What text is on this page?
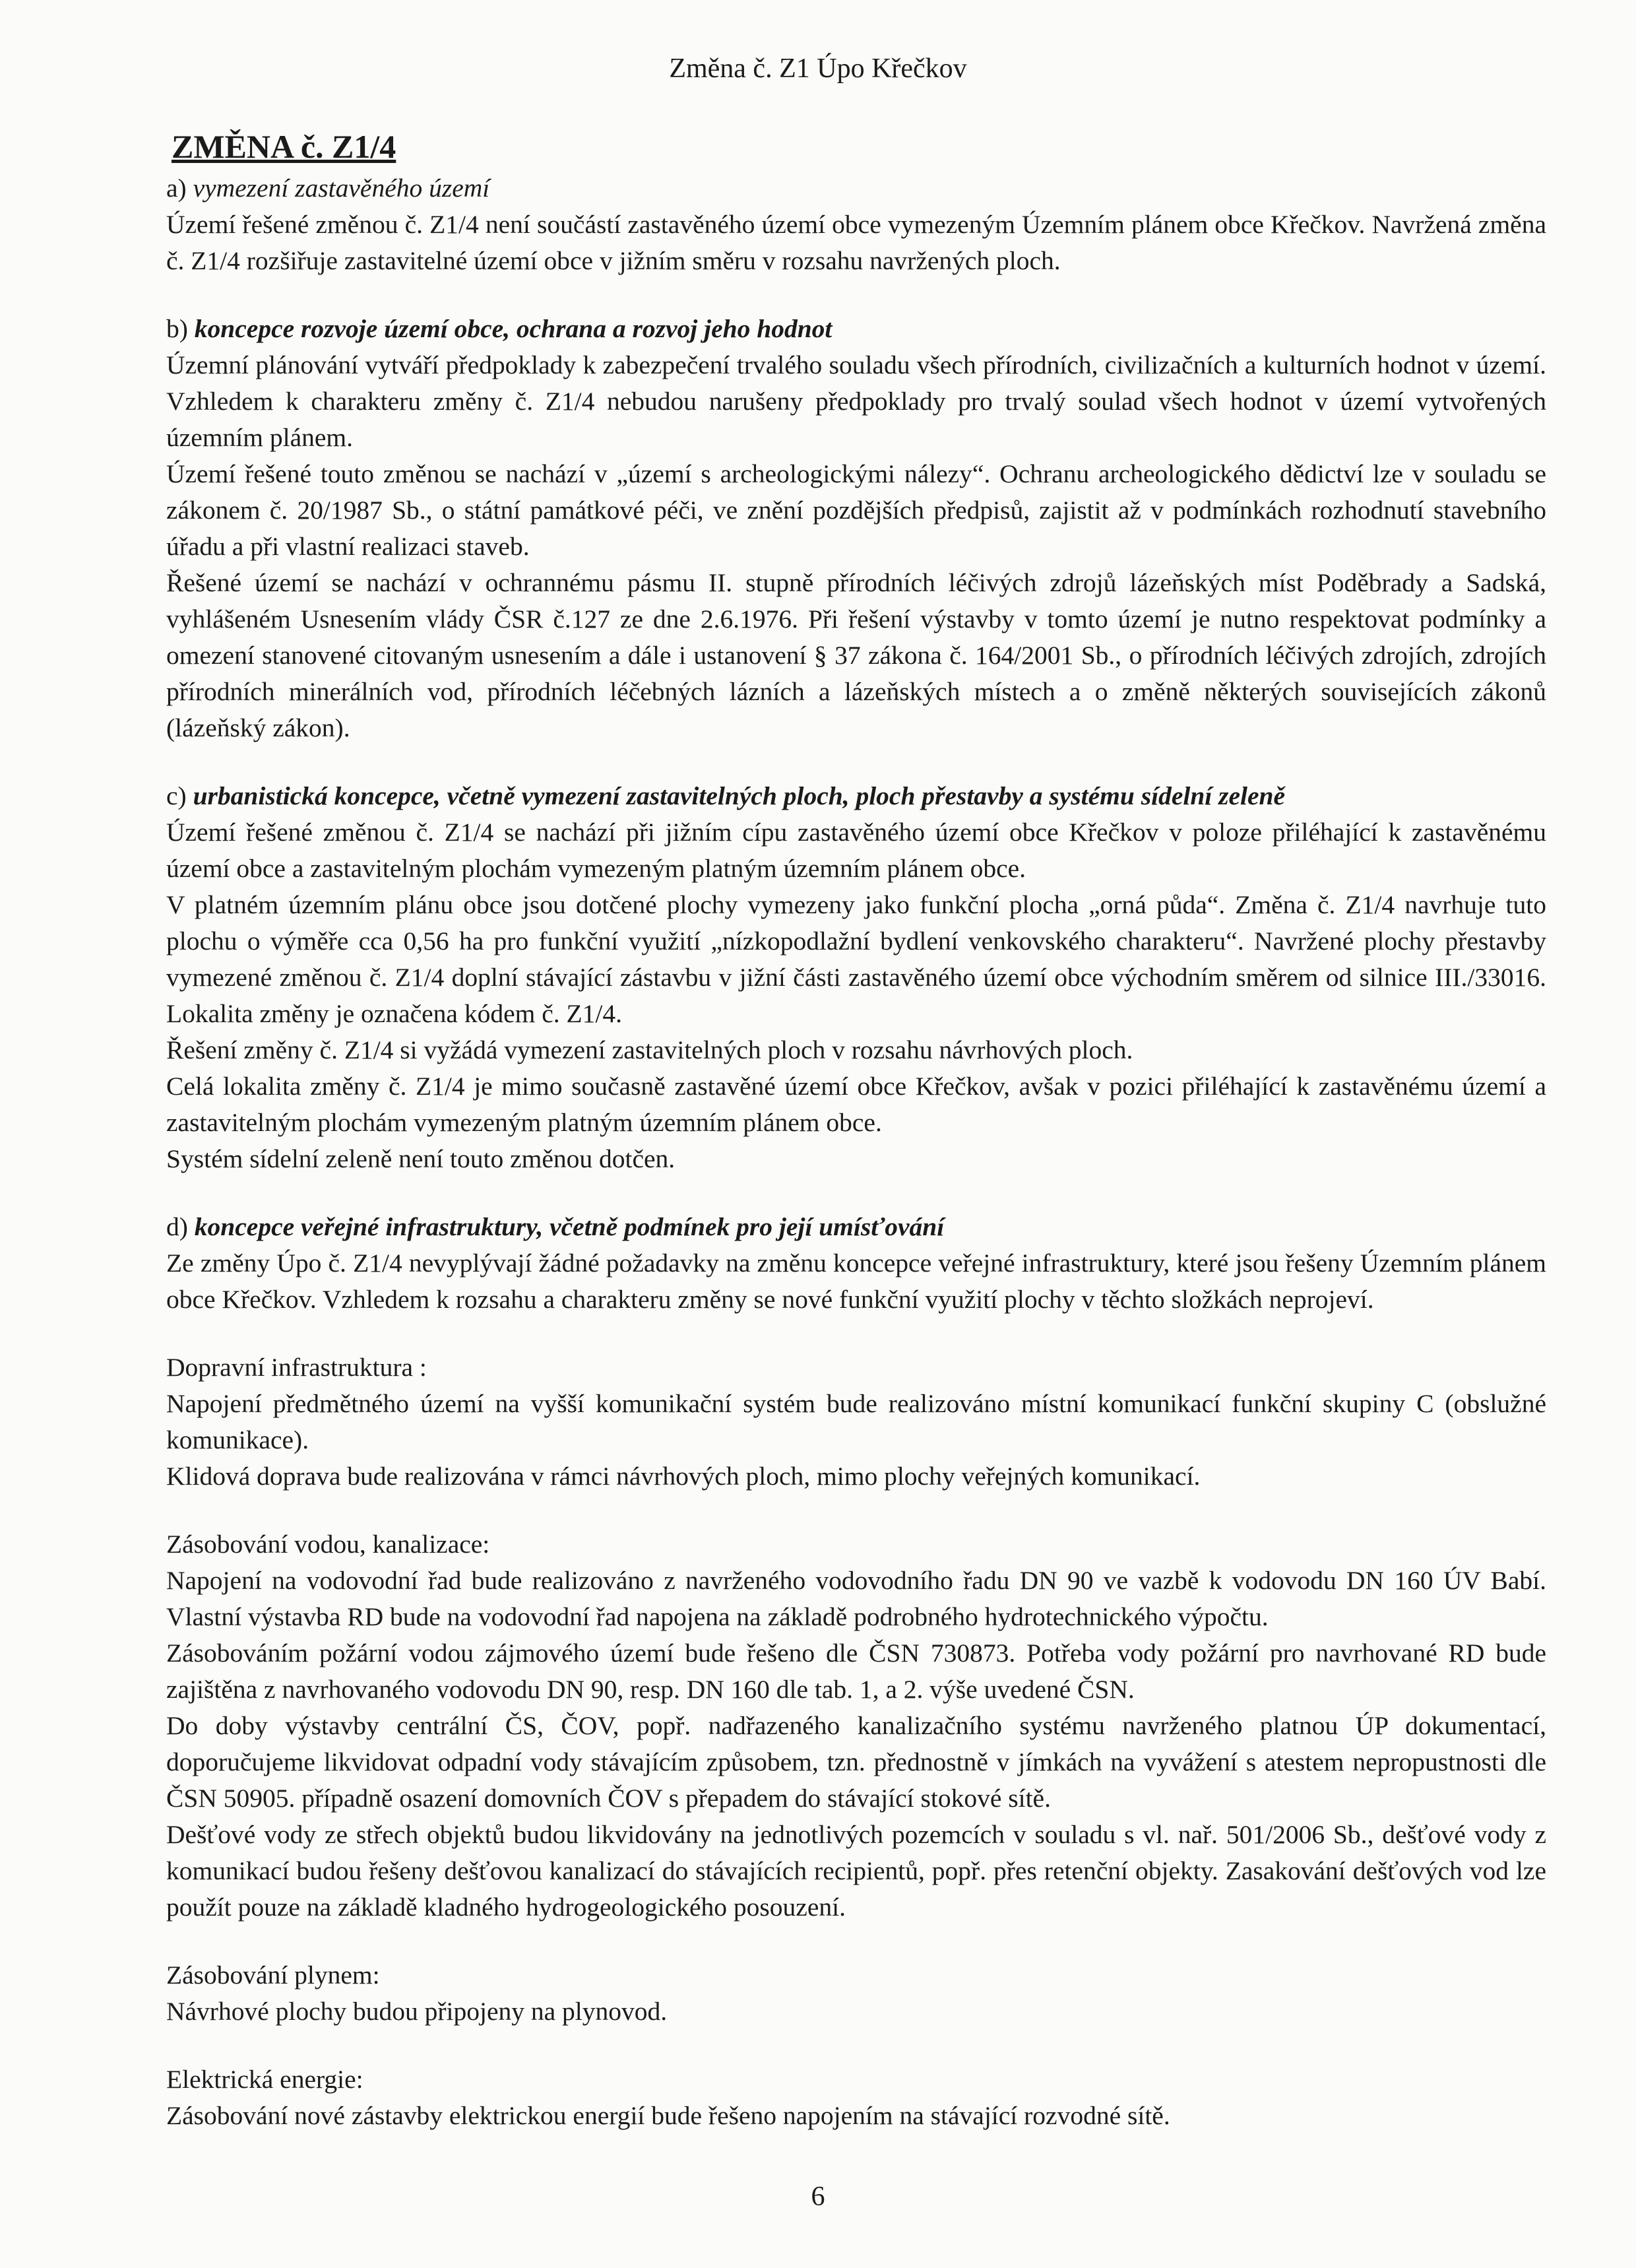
Změna č. Z1 Úpo Křečkov
ZMĚNA č. Z1/4
a) vymezení zastavěného území

Území řešené změnou č. Z1/4 není součástí zastavěného území obce vymezeným Územním plánem obce Křečkov. Navržená změna č. Z1/4 rozšiřuje zastavitelné území obce v jižním směru v rozsahu navržených ploch.

b) koncepce rozvoje území obce, ochrana a rozvoj jeho hodnot

Územní plánování vytváří předpoklady k zabezpečení trvalého souladu všech přírodních, civilizačních a kulturních hodnot v území. Vzhledem k charakteru změny č. Z1/4 nebudou narušeny předpoklady pro trvalý soulad všech hodnot v území vytvořených územním plánem.

Území řešené touto změnou se nachází v „území s archeologickými nálezy“. Ochranu archeologického dědictví lze v souladu se zákonem č. 20/1987 Sb., o státní památkové péči, ve znění pozdějších předpisů, zajistit až v podmínkách rozhodnutí stavebního úřadu a při vlastní realizaci staveb.

Řešené území se nachází v ochrannému pásmu II. stupně přírodních léčivých zdrojů lázeňských míst Poděbrady a Sadská, vyhlášeném Usnesením vlády ČSR č.127 ze dne 2.6.1976. Při řešení výstavby v tomto území je nutno respektovat podmínky a omezení stanovené citovaným usnesením a dále i ustanovení § 37 zákona č. 164/2001 Sb., o přírodních léčivých zdrojích, zdrojích přírodních minerálních vod, přírodních léčebných lázních a lázeňských místech a o změně některých souvisejících zákonů (lázeňský zákon).

c) urbanistická koncepce, včetně vymezení zastavitelných ploch, ploch přestavby a systému sídelní zeleně

Území řešené změnou č. Z1/4 se nachází při jižním cípu zastavěného území obce Křečkov v poloze přiléhající k zastavěnému území obce a zastavitelným plochám vymezeným platným územním plánem obce.

V platném územním plánu obce jsou dotčené plochy vymezeny jako funkční plocha „orná půda“. Změna č. Z1/4 navrhuje tuto plochu o výměře cca 0,56 ha pro funkční využití „nízkopodlažní bydlení venkovského charakteru“. Navržené plochy přestavby vymezené změnou č. Z1/4 doplní stávající zástavbu v jižní části zastavěného území obce východním směrem od silnice III./33016. Lokalita změny je označena kódem č. Z1/4.

Řešení změny č. Z1/4 si vyžádá vymezení zastavitelných ploch v rozsahu návrhových ploch.

Celá lokalita změny č. Z1/4 je mimo současně zastavěné území obce Křečkov, avšak v pozici přiléhající k zastavěnému území a zastavitelným plochám vymezeným platným územním plánem obce.

Systém sídelní zeleně není touto změnou dotčen.

d) koncepce veřejné infrastruktury, včetně podmínek pro její umísťování

Ze změny Úpo č. Z1/4 nevyplývají žádné požadavky na změnu koncepce veřejné infrastruktury, které jsou řešeny Územním plánem obce Křečkov. Vzhledem k rozsahu a charakteru změny se nové funkční využití plochy v těchto složkách neprojeví.

Dopravní infrastruktura :

Napojení předmětného území na vyšší komunikační systém bude realizováno místní komunikací funkční skupiny C (obslužné komunikace).

Klidová doprava bude realizována v rámci návrhových ploch, mimo plochy veřejných komunikací.

Zásobování vodou, kanalizace:

Napojení na vodovodní řad bude realizováno z navrženého vodovodního řadu DN 90 ve vazbě k vodovodu DN 160 ÚV Babí. Vlastní výstavba RD bude na vodovodní řad napojena na základě podrobného hydrotechnického výpočtu.

Zásobováním požární vodou zájmového území bude řešeno dle ČSN 730873. Potřeba vody požární pro navrhované RD bude zajištěna z navrhovaného vodovodu DN 90, resp. DN 160 dle tab. 1, a 2. výše uvedené ČSN.

Do doby výstavby centrální ČS, ČOV, popř. nadřazeného kanalizačního systému navrženého platnou ÚP dokumentací, doporučujeme likvidovat odpadní vody stávajícím způsobem, tzn. přednostně v jímkách na vyvážení s atestem nepropustnosti dle ČSN 50905. případně osazení domovních ČOV s přepadem do stávající stokové sítě.

Dešťové vody ze střech objektů budou likvidovány na jednotlivých pozemcích v souladu s vl. nař. 501/2006 Sb., dešťové vody z komunikací budou řešeny dešťovou kanalizací do stávajících recipientů, popř. přes retenční objekty. Zasakování dešťových vod lze použít pouze na základě kladného hydrogeologického posouzení.

Zásobování plynem:

Návrhové plochy budou připojeny na plynovod.

Elektrická energie:

Zásobování nové zástavby elektrickou energií bude řešeno napojením na stávající rozvodné sítě.

6
